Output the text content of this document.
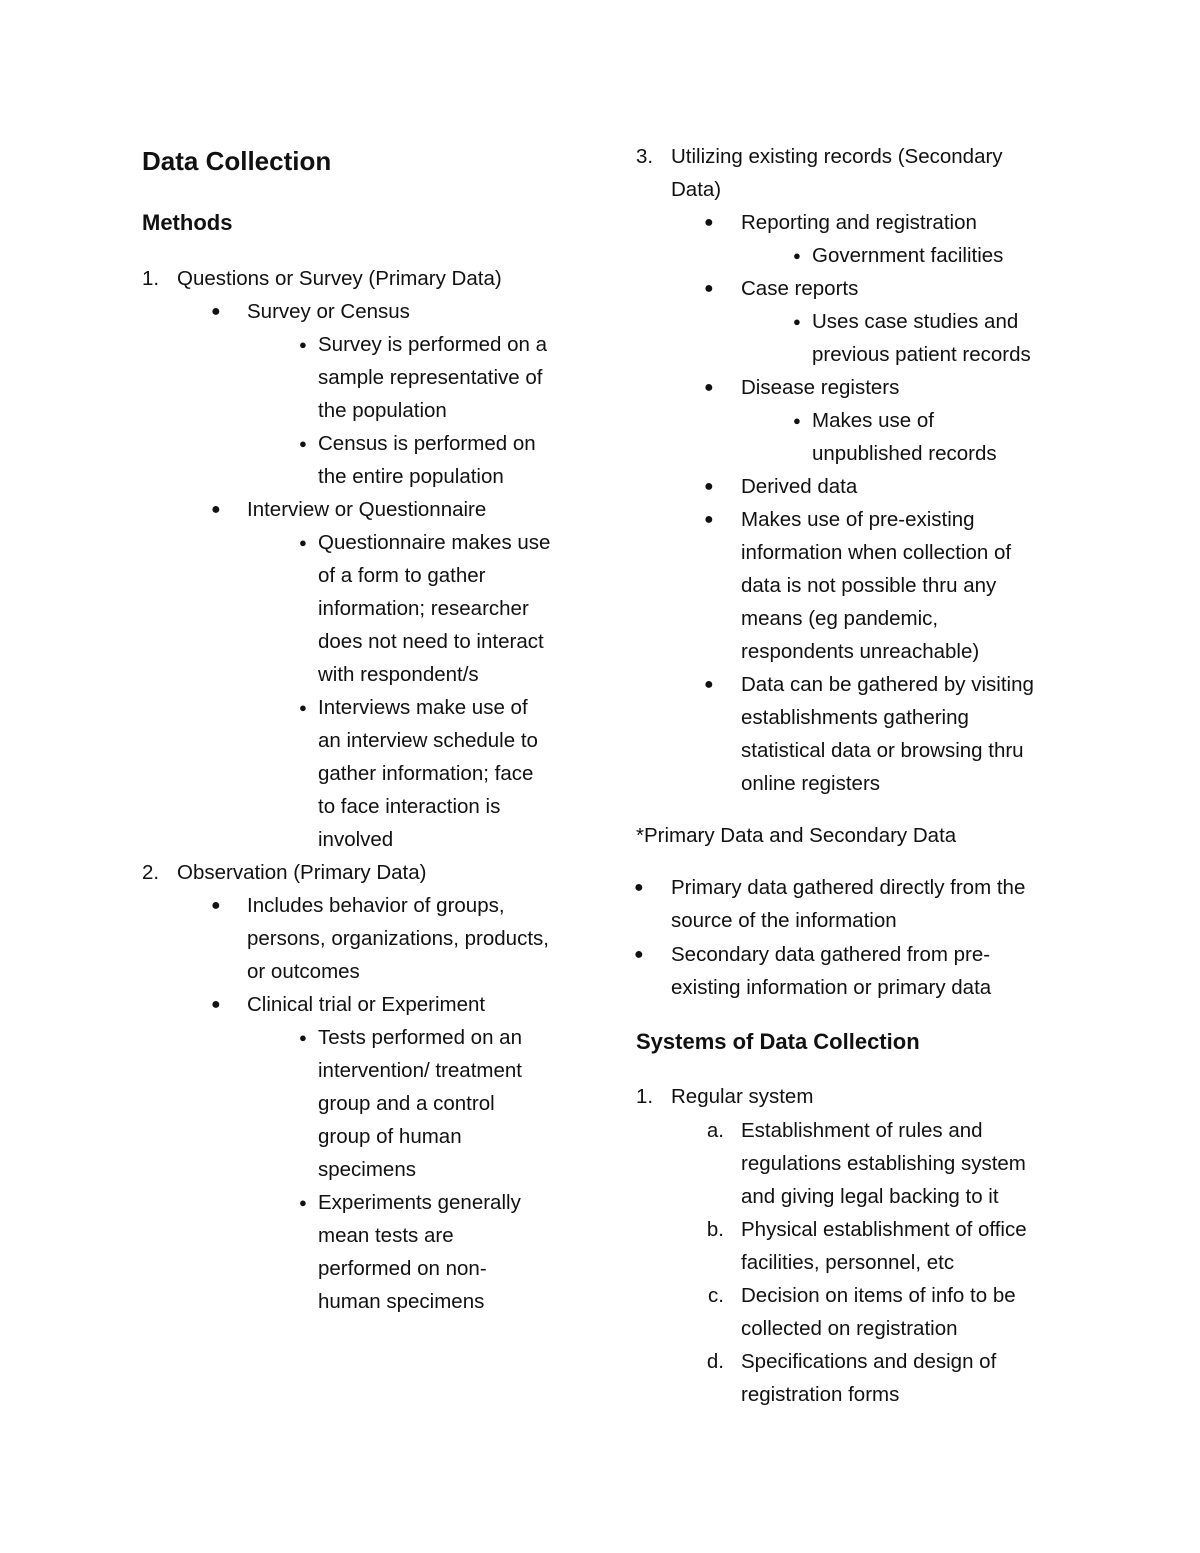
Data Collection
Methods
1. Questions or Survey (Primary Data)
● Survey or Census
● Survey is performed on a
sample representative of
the population
● Census is performed on
the entire population
● Interview or Questionnaire
● Questionnaire makes use
of a form to gather
information; researcher
does not need to interact
with respondent/s
● Interviews make use of
an interview schedule to
gather information; face
to face interaction is
involved
2. Observation (Primary Data)
● Includes behavior of groups,
persons, organizations, products,
or outcomes
● Clinical trial or Experiment
● Tests performed on an
intervention/ treatment
group and a control
group of human
specimens
● Experiments generally
mean tests are
performed on non-
human specimens
3. Utilizing existing records (Secondary
Data)
● Reporting and registration
● Government facilities
● Case reports
● Uses case studies and
previous patient records
● Disease registers
● Makes use of
unpublished records
● Derived data
● Makes use of pre-existing
information when collection of
data is not possible thru any
means (eg pandemic,
respondents unreachable)
● Data can be gathered by visiting
establishments gathering
statistical data or browsing thru
online registers
*Primary Data and Secondary Data
● Primary data gathered directly from the
source of the information
● Secondary data gathered from pre-
existing information or primary data
Systems of Data Collection
1. Regular system
a. Establishment of rules and
regulations establishing system
and giving legal backing to it
b. Physical establishment of office
facilities, personnel, etc
c. Decision on items of info to be
collected on registration
d. Specifications and design of
registration forms
